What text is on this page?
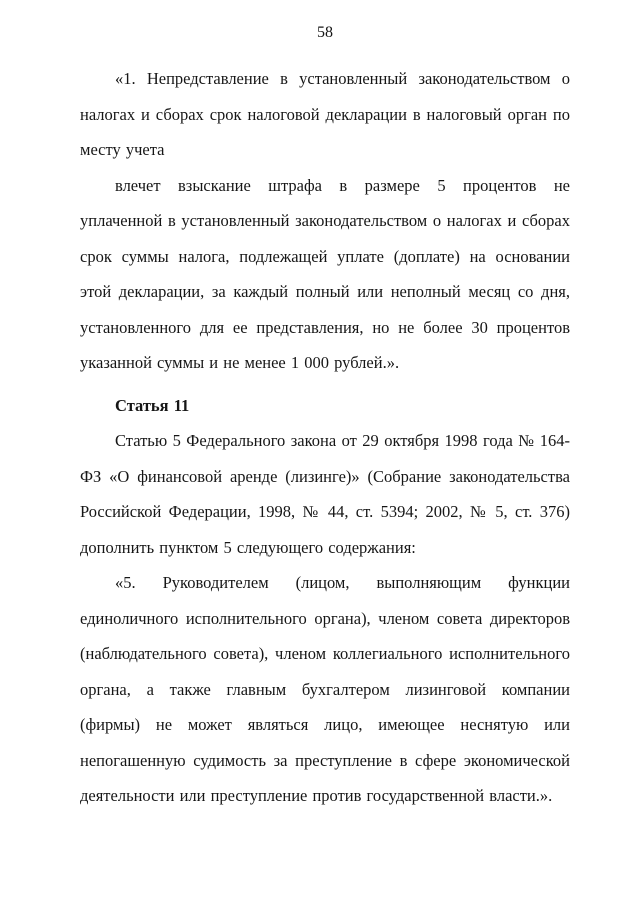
58

«1. Непредставление в установленный законодательством о налогах и сборах срок налоговой декларации в налоговый орган по месту учета

влечет взыскание штрафа в размере 5 процентов не уплаченной в установленный законодательством о налогах и сборах срок суммы налога, подлежащей уплате (доплате) на основании этой декларации, за каждый полный или неполный месяц со дня, установленного для ее представления, но не более 30 процентов указанной суммы и не менее 1 000 рублей.».

Статья 11

Статью 5 Федерального закона от 29 октября 1998 года № 164-ФЗ «О финансовой аренде (лизинге)» (Собрание законодательства Российской Федерации, 1998, № 44, ст. 5394; 2002, № 5, ст. 376) дополнить пунктом 5 следующего содержания:

«5. Руководителем (лицом, выполняющим функции единоличного исполнительного органа), членом совета директоров (наблюдательного совета), членом коллегиального исполнительного органа, а также главным бухгалтером лизинговой компании (фирмы) не может являться лицо, имеющее неснятую или непогашенную судимость за преступление в сфере экономической деятельности или преступление против государственной власти.».
